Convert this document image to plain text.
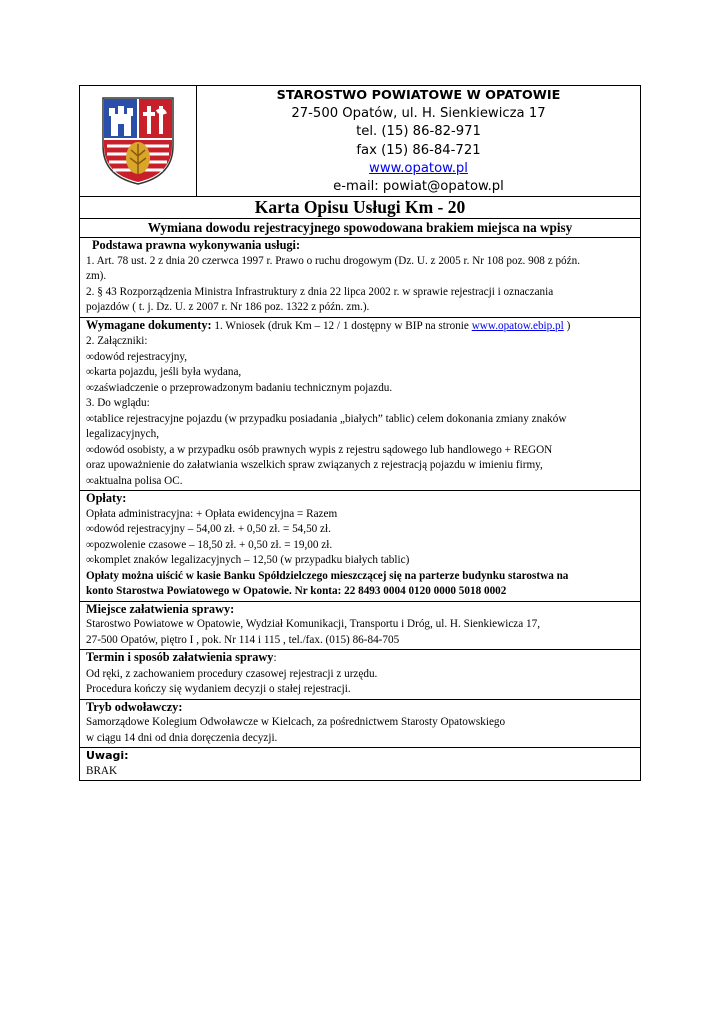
STAROSTWO POWIATOWE W OPATOWIE
27-500 Opatów, ul. H. Sienkiewicza 17
tel. (15) 86-82-971
fax (15) 86-84-721
www.opatow.pl
e-mail: powiat@opatow.pl
Karta Opisu Usługi Km - 20
Wymiana dowodu rejestracyjnego spowodowana brakiem miejsca na wpisy
Podstawa prawna wykonywania usługi:
1. Art. 78 ust. 2 z dnia 20 czerwca 1997 r. Prawo o ruchu drogowym (Dz. U. z 2005 r. Nr 108 poz. 908 z późn.
zm).
2. § 43 Rozporządzenia Ministra Infrastruktury z dnia 22 lipca 2002 r. w sprawie rejestracji i oznaczania
pojazdów ( t. j. Dz. U. z 2007 r. Nr 186 poz. 1322 z późn. zm.).
Wymagane dokumenty: 1. Wniosek (druk Km – 12 / 1 dostępny w BIP na stronie www.opatow.ebip.pl )
2. Załączniki:
∞dowód rejestracyjny,
∞karta pojazdu, jeśli była wydana,
∞zaświadczenie o przeprowadzonym badaniu technicznym pojazdu.
3. Do wglądu:
∞tablice rejestracyjne pojazdu (w przypadku posiadania „białych” tablic) celem dokonania zmiany znaków
legalizacyjnych,
∞dowód osobisty, a w przypadku osób prawnych wypis z rejestru sądowego lub handlowego + REGON
oraz upoważnienie do załatwiania wszelkich spraw związanych z rejestracją pojazdu w imieniu firmy,
∞aktualna polisa OC.
Opłaty:
Opłata administracyjna: + Opłata ewidencyjna = Razem
∞dowód rejestracyjny – 54,00 zł. + 0,50 zł. = 54,50 zł.
∞pozwolenie czasowe – 18,50 zł. + 0,50 zł. = 19,00 zł.
∞komplet znaków legalizacyjnych – 12,50 (w przypadku białych tablic)
Opłaty można uiścić w kasie Banku Spółdzielczego mieszczącej się na parterze budynku starostwa na
konto Starostwa Powiatowego w Opatowie. Nr konta: 22 8493 0004 0120 0000 5018 0002
Miejsce załatwienia sprawy:
Starostwo Powiatowe w Opatowie, Wydział Komunikacji, Transportu i Dróg, ul. H. Sienkiewicza 17,
27-500 Opatów, piętro I , pok. Nr 114 i 115 , tel./fax. (015) 86-84-705
Termin i sposób załatwienia sprawy:
Od ręki, z zachowaniem procedury czasowej rejestracji z urzędu.
Procedura kończy się wydaniem decyzji o stałej rejestracji.
Tryb odwoławczy:
Samorządowe Kolegium Odwoławcze w Kielcach, za pośrednictwem Starosty Opatowskiego
w ciągu 14 dni od dnia doręczenia decyzji.
Uwagi:
BRAK
